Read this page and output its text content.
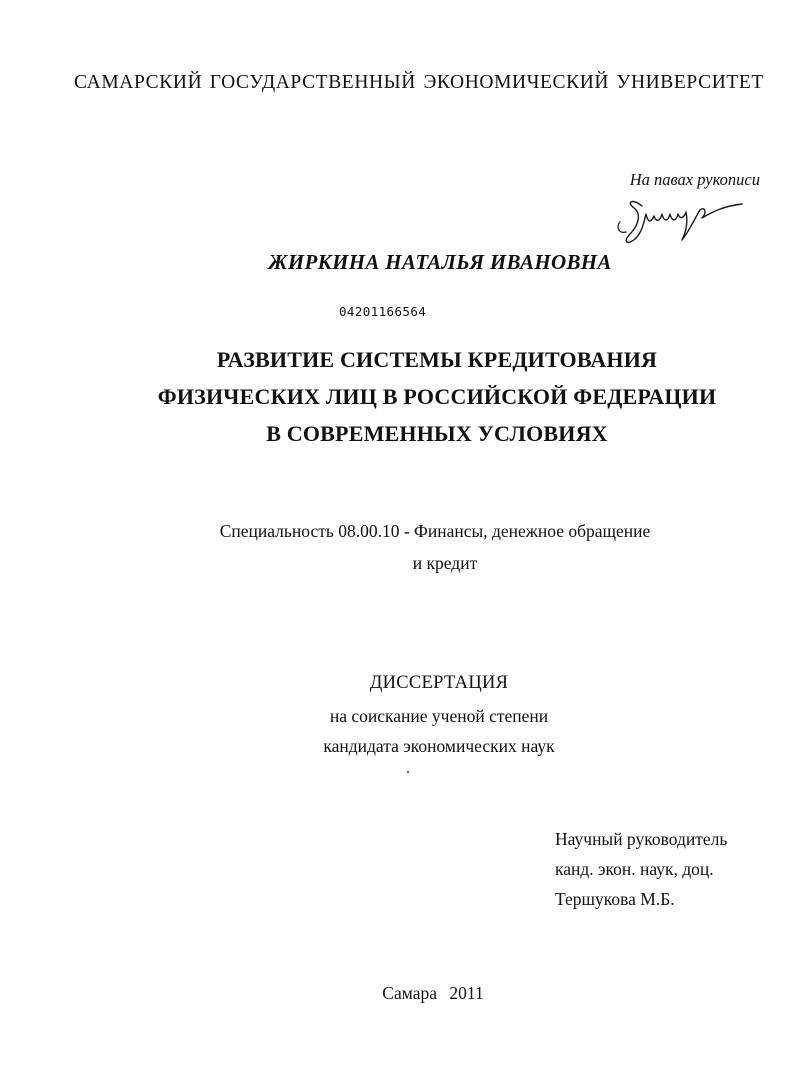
САМАРСКИЙ ГОСУДАРСТВЕННЫЙ ЭКОНОМИЧЕСКИЙ УНИВЕРСИТЕТ
На павах рукописи
ЖИРКИНА НАТАЛЬЯ ИВАНОВНА
04201166564
РАЗВИТИЕ СИСТЕМЫ КРЕДИТОВАНИЯ
ФИЗИЧЕСКИХ ЛИЦ В РОССИЙСКОЙ ФЕДЕРАЦИИ
В СОВРЕМЕННЫХ УСЛОВИЯХ
Специальность 08.00.10 - Финансы, денежное обращение
и кредит
ДИССЕРТАЦИЯ
на соискание ученой степени
кандидата экономических наук
Научный руководитель
канд. экон. наук, доц.
Тершукова М.Б.
Самара 2011
